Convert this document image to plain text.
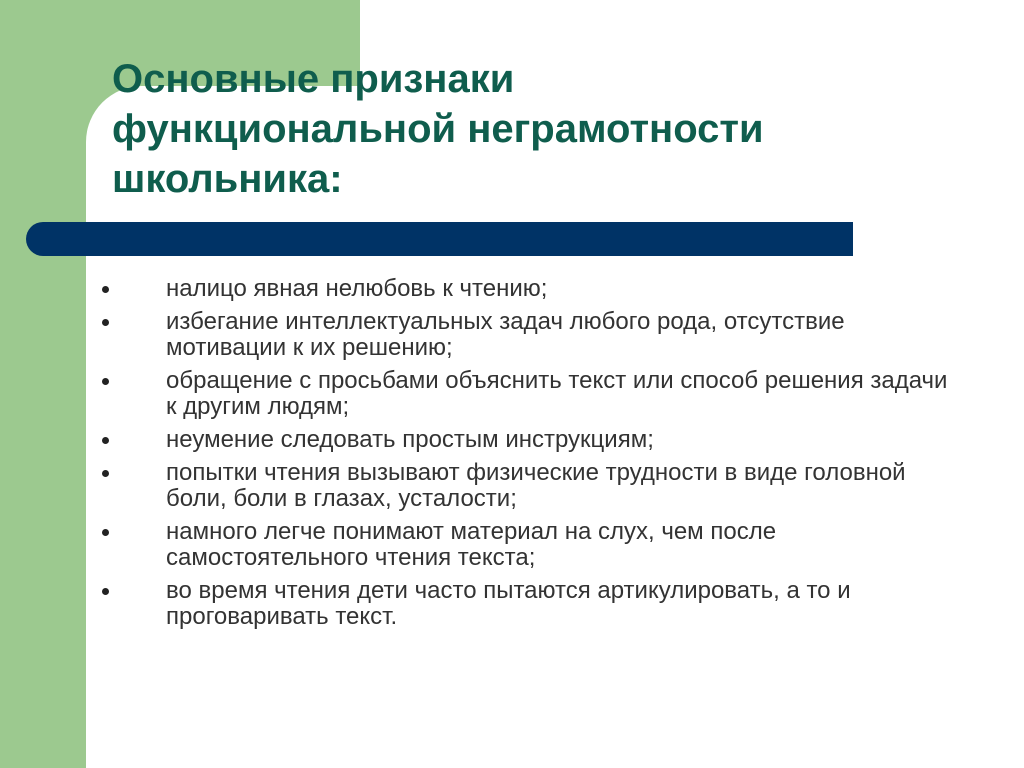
Основные признаки
функциональной неграмотности
школьника:
налицо явная нелюбовь к чтению;
избегание интеллектуальных задач любого рода, отсутствие мотивации к их решению;
обращение с просьбами объяснить текст или способ решения задачи к другим людям;
неумение следовать простым инструкциям;
попытки чтения вызывают физические трудности в виде головной боли, боли в глазах, усталости;
намного легче понимают материал на слух, чем после самостоятельного чтения текста;
во время чтения дети часто пытаются артикулировать, а то и проговаривать текст.
